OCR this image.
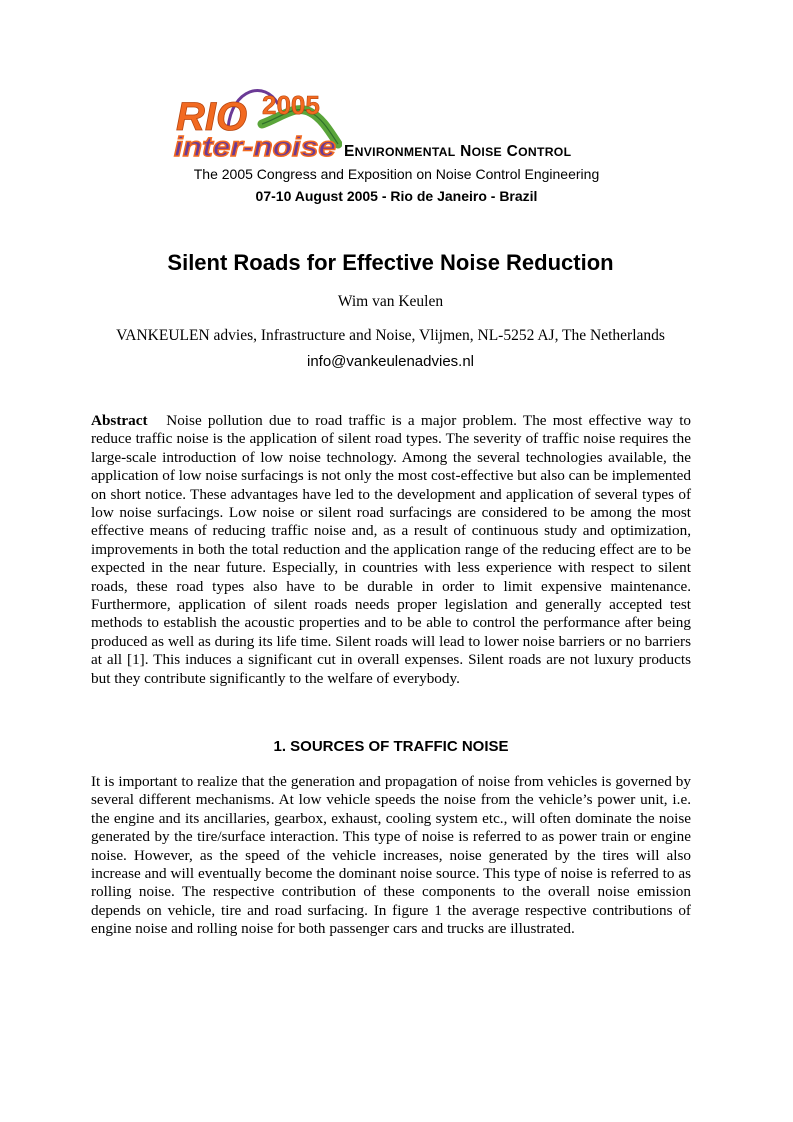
RIO 2005
inter-noise ENVIRONMENTAL NOISE CONTROL
The 2005 Congress and Exposition on Noise Control Engineering
07-10 August 2005 - Rio de Janeiro - Brazil
Silent Roads for Effective Noise Reduction
Wim van Keulen
VANKEULEN advies, Infrastructure and Noise, Vlijmen, NL-5252 AJ, The Netherlands
info@vankeulenadvies.nl

Abstract Noise pollution due to road traffic is a major problem. The most effective way to reduce traffic noise is the application of silent road types. The severity of traffic noise requires the large-scale introduction of low noise technology. Among the several technologies available, the application of low noise surfacings is not only the most cost-effective but also can be implemented on short notice. These advantages have led to the development and application of several types of low noise surfacings. Low noise or silent road surfacings are considered to be among the most effective means of reducing traffic noise and, as a result of continuous study and optimization, improvements in both the total reduction and the application range of the reducing effect are to be expected in the near future. Especially, in countries with less experience with respect to silent roads, these road types also have to be durable in order to limit expensive maintenance. Furthermore, application of silent roads needs proper legislation and generally accepted test methods to establish the acoustic properties and to be able to control the performance after being produced as well as during its life time. Silent roads will lead to lower noise barriers or no barriers at all [1]. This induces a significant cut in overall expenses. Silent roads are not luxury products but they contribute significantly to the welfare of everybody.

1. SOURCES OF TRAFFIC NOISE

It is important to realize that the generation and propagation of noise from vehicles is governed by several different mechanisms. At low vehicle speeds the noise from the vehicle’s power unit, i.e. the engine and its ancillaries, gearbox, exhaust, cooling system etc., will often dominate the noise generated by the tire/surface interaction. This type of noise is referred to as power train or engine noise. However, as the speed of the vehicle increases, noise generated by the tires will also increase and will eventually become the dominant noise source. This type of noise is referred to as rolling noise. The respective contribution of these components to the overall noise emission depends on vehicle, tire and road surfacing. In figure 1 the average respective contributions of engine noise and rolling noise for both passenger cars and trucks are illustrated.
